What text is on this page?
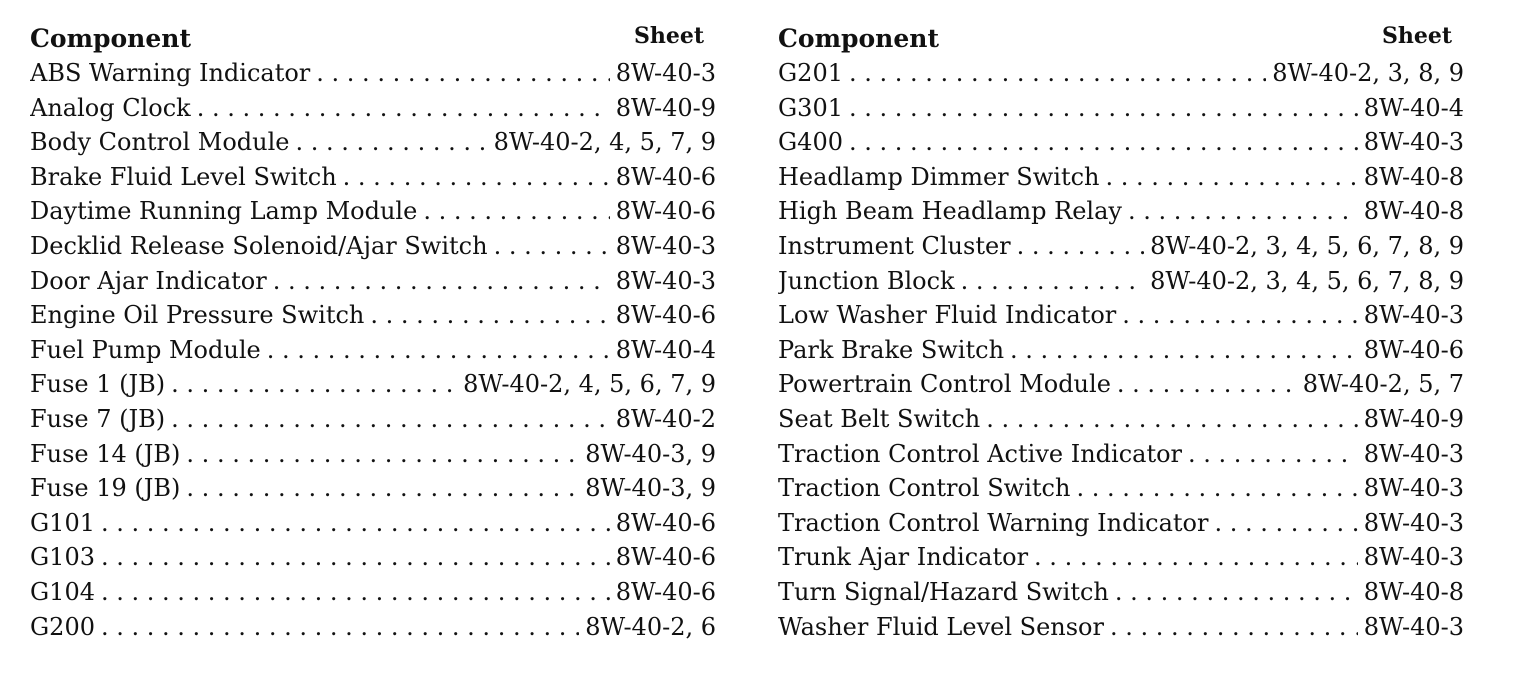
Component	Sheet
ABS Warning Indicator . . .	8W-40-3
Analog Clock . . .	8W-40-9
Body Control Module . . .	8W-40-2, 4, 5, 7, 9
Brake Fluid Level Switch . . .	8W-40-6
Daytime Running Lamp Module . . .	8W-40-6
Decklid Release Solenoid/Ajar Switch . . .	8W-40-3
Door Ajar Indicator . . .	8W-40-3
Engine Oil Pressure Switch . . .	8W-40-6
Fuel Pump Module . . .	8W-40-4
Fuse 1 (JB) . . .	8W-40-2, 4, 5, 6, 7, 9
Fuse 7 (JB) . . .	8W-40-2
Fuse 14 (JB) . . .	8W-40-3, 9
Fuse 19 (JB) . . .	8W-40-3, 9
G101 . . .	8W-40-6
G103 . . .	8W-40-6
G104 . . .	8W-40-6
G200 . . .	8W-40-2, 6
Component	Sheet
G201 . . .	8W-40-2, 3, 8, 9
G301 . . .	8W-40-4
G400 . . .	8W-40-3
Headlamp Dimmer Switch . . .	8W-40-8
High Beam Headlamp Relay . . .	8W-40-8
Instrument Cluster . . .	8W-40-2, 3, 4, 5, 6, 7, 8, 9
Junction Block . . .	8W-40-2, 3, 4, 5, 6, 7, 8, 9
Low Washer Fluid Indicator . . .	8W-40-3
Park Brake Switch . . .	8W-40-6
Powertrain Control Module . . .	8W-40-2, 5, 7
Seat Belt Switch . . .	8W-40-9
Traction Control Active Indicator . . .	8W-40-3
Traction Control Switch . . .	8W-40-3
Traction Control Warning Indicator . . .	8W-40-3
Trunk Ajar Indicator . . .	8W-40-3
Turn Signal/Hazard Switch . . .	8W-40-8
Washer Fluid Level Sensor . . .	8W-40-3
